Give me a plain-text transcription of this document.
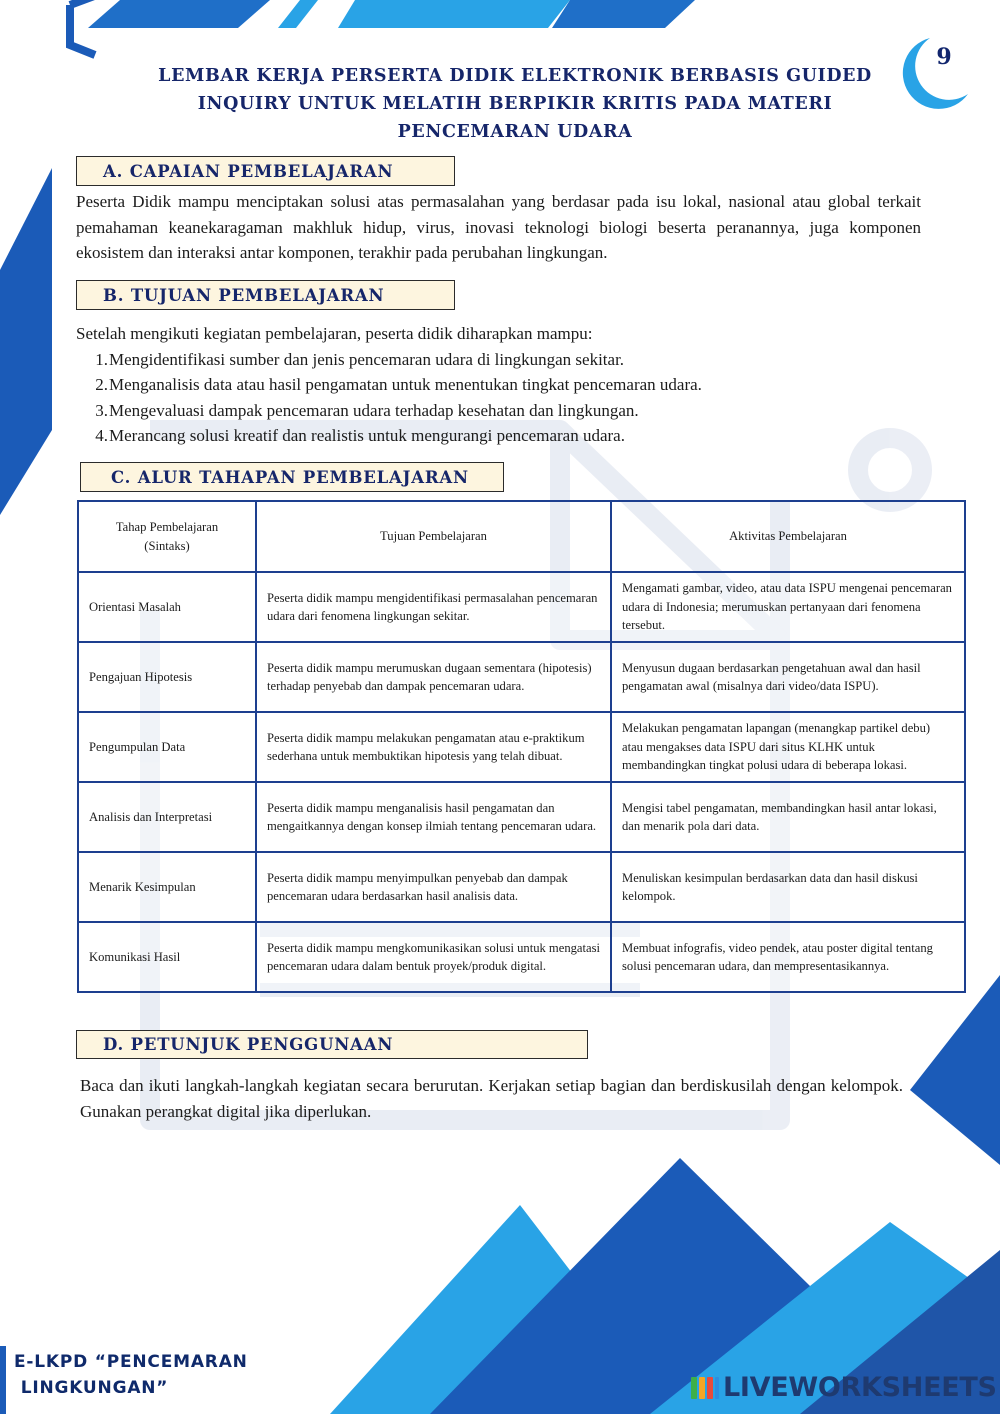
9
LEMBAR KERJA PERSERTA DIDIK ELEKTRONIK BERBASIS GUIDED
INQUIRY UNTUK MELATIH BERPIKIR KRITIS PADA MATERI
PENCEMARAN UDARA
A. CAPAIAN PEMBELAJARAN

Peserta Didik mampu menciptakan solusi atas permasalahan yang berdasar pada isu lokal, nasional atau global terkait pemahaman keanekaragaman makhluk hidup, virus, inovasi teknologi biologi beserta peranannya, juga komponen ekosistem dan interaksi antar komponen, terakhir pada perubahan lingkungan.

B. TUJUAN PEMBELAJARAN

Setelah mengikuti kegiatan pembelajaran, peserta didik diharapkan mampu:

1. Mengidentifikasi sumber dan jenis pencemaran udara di lingkungan sekitar.
2. Menganalisis data atau hasil pengamatan untuk menentukan tingkat pencemaran udara.
3. Mengevaluasi dampak pencemaran udara terhadap kesehatan dan lingkungan.
4. Merancang solusi kreatif dan realistis untuk mengurangi pencemaran udara.
C. ALUR TAHAPAN PEMBELAJARAN
Tahap Pembelajaran (Sintaks)	Tujuan Pembelajaran	Aktivitas Pembelajaran
Orientasi Masalah	Peserta didik mampu mengidentifikasi permasalahan pencemaran udara dari fenomena lingkungan sekitar.	Mengamati gambar, video, atau data ISPU mengenai pencemaran udara di Indonesia; merumuskan pertanyaan dari fenomena tersebut.
Pengajuan Hipotesis	Peserta didik mampu merumuskan dugaan sementara (hipotesis) terhadap penyebab dan dampak pencemaran udara.	Menyusun dugaan berdasarkan pengetahuan awal dan hasil pengamatan awal (misalnya dari video/data ISPU).
Pengumpulan Data	Peserta didik mampu melakukan pengamatan atau e-praktikum sederhana untuk membuktikan hipotesis yang telah dibuat.	Melakukan pengamatan lapangan (menangkap partikel debu) atau mengakses data ISPU dari situs KLHK untuk membandingkan tingkat polusi udara di beberapa lokasi.
Analisis dan Interpretasi	Peserta didik mampu menganalisis hasil pengamatan dan mengaitkannya dengan konsep ilmiah tentang pencemaran udara.	Mengisi tabel pengamatan, membandingkan hasil antar lokasi, dan menarik pola dari data.
Menarik Kesimpulan	Peserta didik mampu menyimpulkan penyebab dan dampak pencemaran udara berdasarkan hasil analisis data.	Menuliskan kesimpulan berdasarkan data dan hasil diskusi kelompok.
Komunikasi Hasil	Peserta didik mampu mengkomunikasikan solusi untuk mengatasi pencemaran udara dalam bentuk proyek/produk digital.	Membuat infografis, video pendek, atau poster digital tentang solusi pencemaran udara, dan mempresentasikannya.
D. PETUNJUK PENGGUNAAN

Baca dan ikuti langkah-langkah kegiatan secara berurutan. Kerjakan setiap bagian dan berdiskusilah dengan kelompok. Gunakan perangkat digital jika diperlukan.

E-LKPD “PENCEMARAN
LINGKUNGAN”	LIVEWORKSHEETS
